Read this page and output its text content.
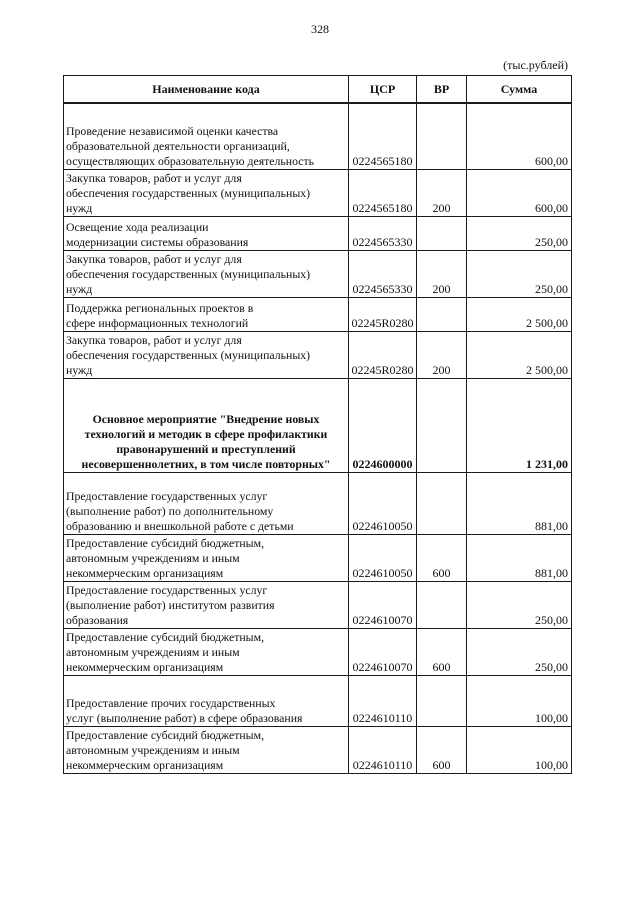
328
(тыс.рублей)
Наименование кода	ЦСР	ВР	Сумма
Проведение независимой оценки качества
образовательной деятельности организаций,
осуществляющих образовательную деятельность	0224565180		600,00
Закупка товаров, работ и услуг для
обеспечения государственных (муниципальных)
нужд	0224565180	200	600,00
Освещение хода реализации
модернизации системы образования	0224565330		250,00
Закупка товаров, работ и услуг для
обеспечения государственных (муниципальных)
нужд	0224565330	200	250,00
Поддержка региональных проектов в
сфере информационных технологий	02245R0280		2 500,00
Закупка товаров, работ и услуг для
обеспечения государственных (муниципальных)
нужд	02245R0280	200	2 500,00
Основное мероприятие "Внедрение новых
технологий и методик в сфере профилактики
правонарушений и преступлений
несовершеннолетних, в том числе повторных"	0224600000		1 231,00
Предоставление государственных услуг
(выполнение работ) по дополнительному
образованию и внешкольной работе с детьми	0224610050		881,00
Предоставление субсидий бюджетным,
автономным учреждениям и иным
некоммерческим организациям	0224610050	600	881,00
Предоставление государственных услуг
(выполнение работ) институтом развития
образования	0224610070		250,00
Предоставление субсидий бюджетным,
автономным учреждениям и иным
некоммерческим организациям	0224610070	600	250,00
Предоставление прочих государственных
услуг (выполнение работ) в сфере образования	0224610110		100,00
Предоставление субсидий бюджетным,
автономным учреждениям и иным
некоммерческим организациям	0224610110	600	100,00
